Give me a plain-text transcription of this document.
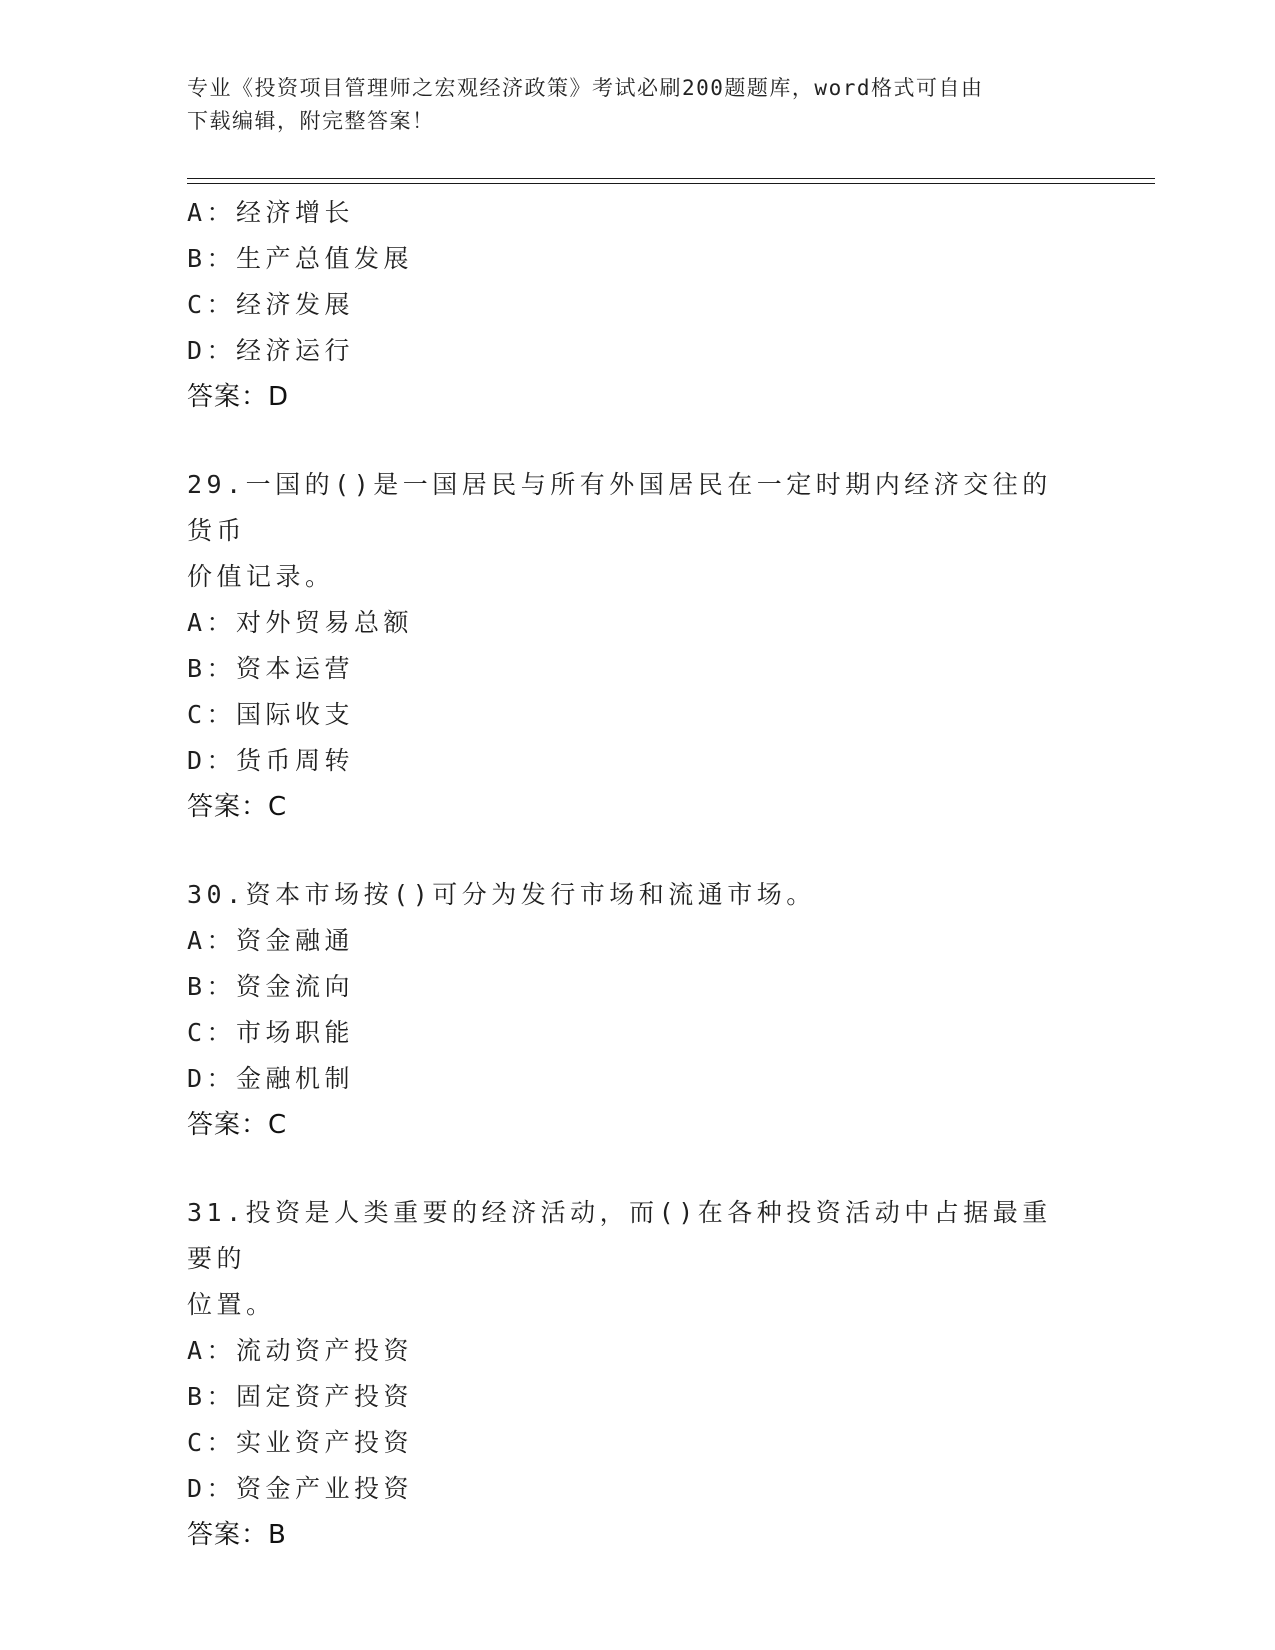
专业《投资项目管理师之宏观经济政策》考试必刷200题题库，word格式可自由
下载编辑，附完整答案！
A：经济增长
B：生产总值发展
C：经济发展
D：经济运行
答案：D
29.一国的()是一国居民与所有外国居民在一定时期内经济交往的货币
价值记录。
A：对外贸易总额
B：资本运营
C：国际收支
D：货币周转
答案：C
30.资本市场按()可分为发行市场和流通市场。
A：资金融通
B：资金流向
C：市场职能
D：金融机制
答案：C
31.投资是人类重要的经济活动，而()在各种投资活动中占据最重要的
位置。
A：流动资产投资
B：固定资产投资
C：实业资产投资
D：资金产业投资
答案：B
